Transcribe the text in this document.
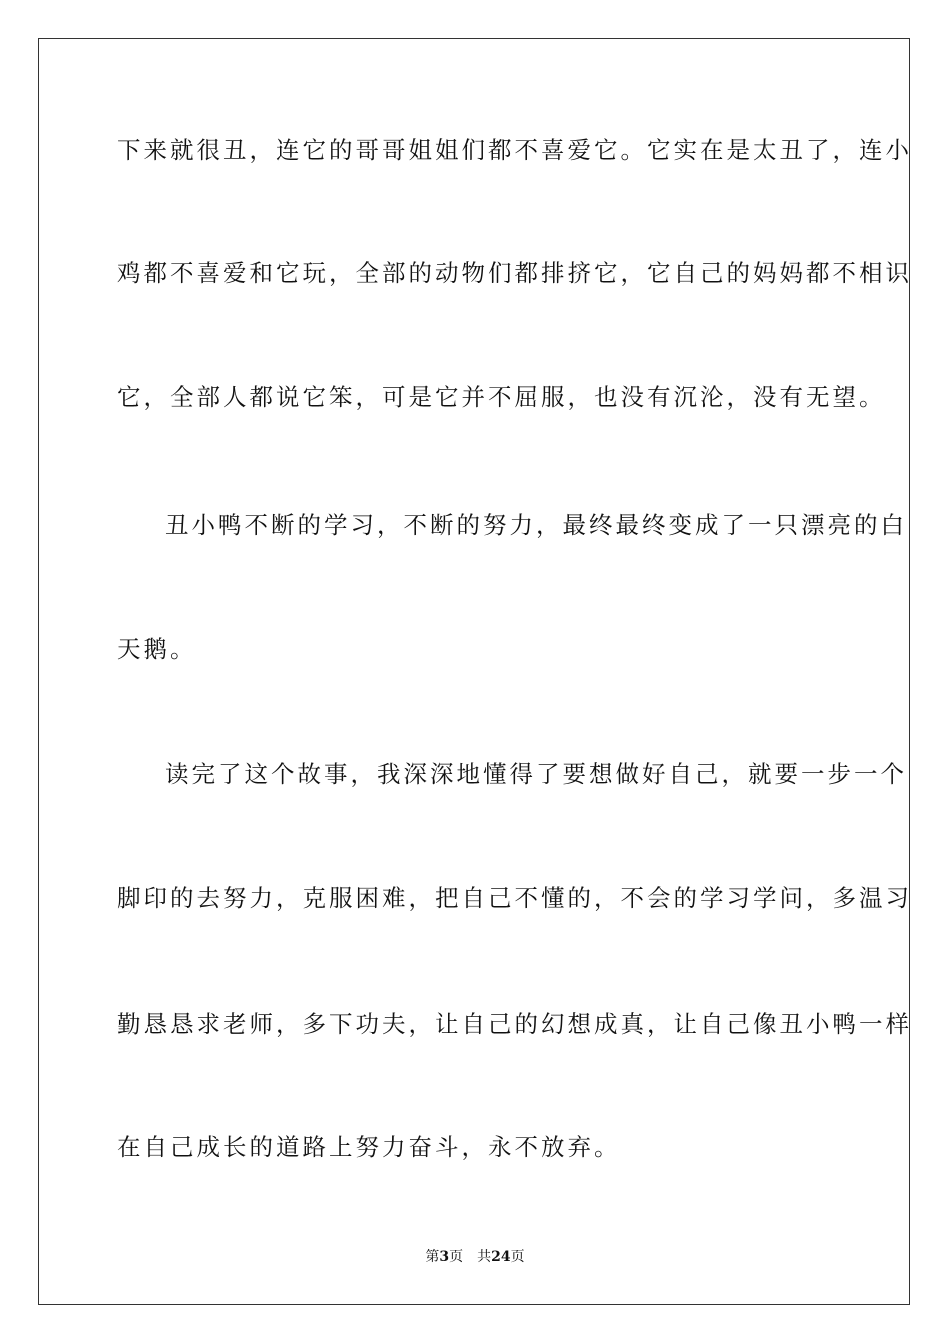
下来就很丑，连它的哥哥姐姐们都不喜爱它。它实在是太丑了，连小
鸡都不喜爱和它玩，全部的动物们都排挤它，它自己的妈妈都不相识
它，全部人都说它笨，可是它并不屈服，也没有沉沦，没有无望。
丑小鸭不断的学习，不断的努力，最终最终变成了一只漂亮的白
天鹅。
读完了这个故事，我深深地懂得了要想做好自己，就要一步一个
脚印的去努力，克服困难，把自己不懂的，不会的学习学问，多温习
勤恳恳求老师，多下功夫，让自己的幻想成真，让自己像丑小鸭一样
在自己成长的道路上努力奋斗，永不放弃。
第3页 共24页
